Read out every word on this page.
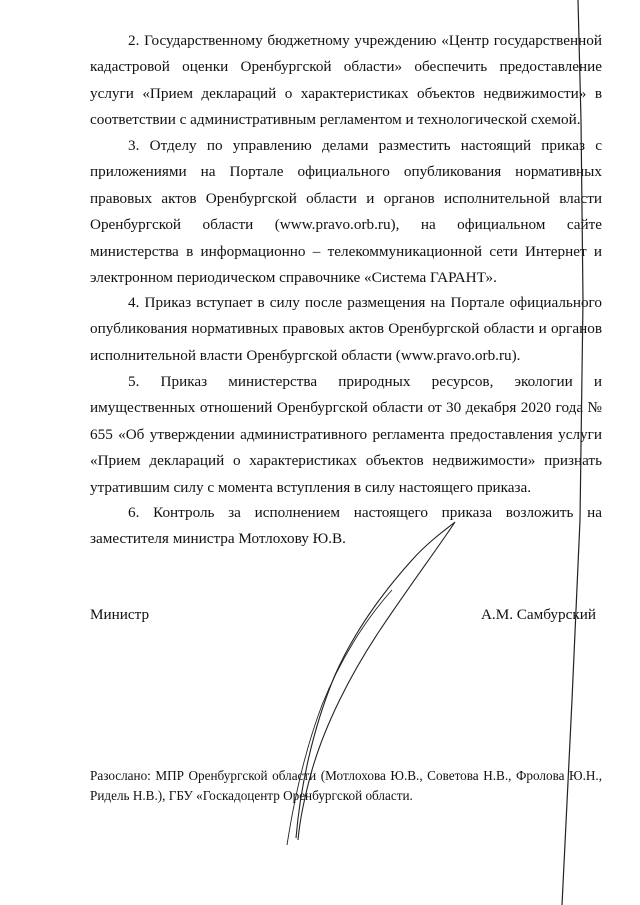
2. Государственному бюджетному учреждению «Центр государственной кадастровой оценки Оренбургской области» обеспечить предоставление услуги «Прием деклараций о характеристиках объектов недвижимости» в соответствии с административным регламентом и технологической схемой.

3. Отделу по управлению делами разместить настоящий приказ с приложениями на Портале официального опубликования нормативных правовых актов Оренбургской области и органов исполнительной власти Оренбургской области (www.pravo.orb.ru), на официальном сайте министерства в информационно – телекоммуникационной сети Интернет и электронном периодическом справочнике «Система ГАРАНТ».

4. Приказ вступает в силу после размещения на Портале официального опубликования нормативных правовых актов Оренбургской области и органов исполнительной власти Оренбургской области (www.pravo.orb.ru).

5. Приказ министерства природных ресурсов, экологии и имущественных отношений Оренбургской области от 30 декабря 2020 года № 655 «Об утверждении административного регламента предоставления услуги «Прием деклараций о характеристиках объектов недвижимости» признать утратившим силу с момента вступления в силу настоящего приказа.

6. Контроль за исполнением настоящего приказа возложить на заместителя министра Мотлохову Ю.В.

Министр	А.М. Самбурский

Разослано: МПР Оренбургской области (Мотлохова Ю.В., Советова Н.В., Фролова Ю.Н., Ридель Н.В.), ГБУ «Госкадоцентр Оренбургской области.
